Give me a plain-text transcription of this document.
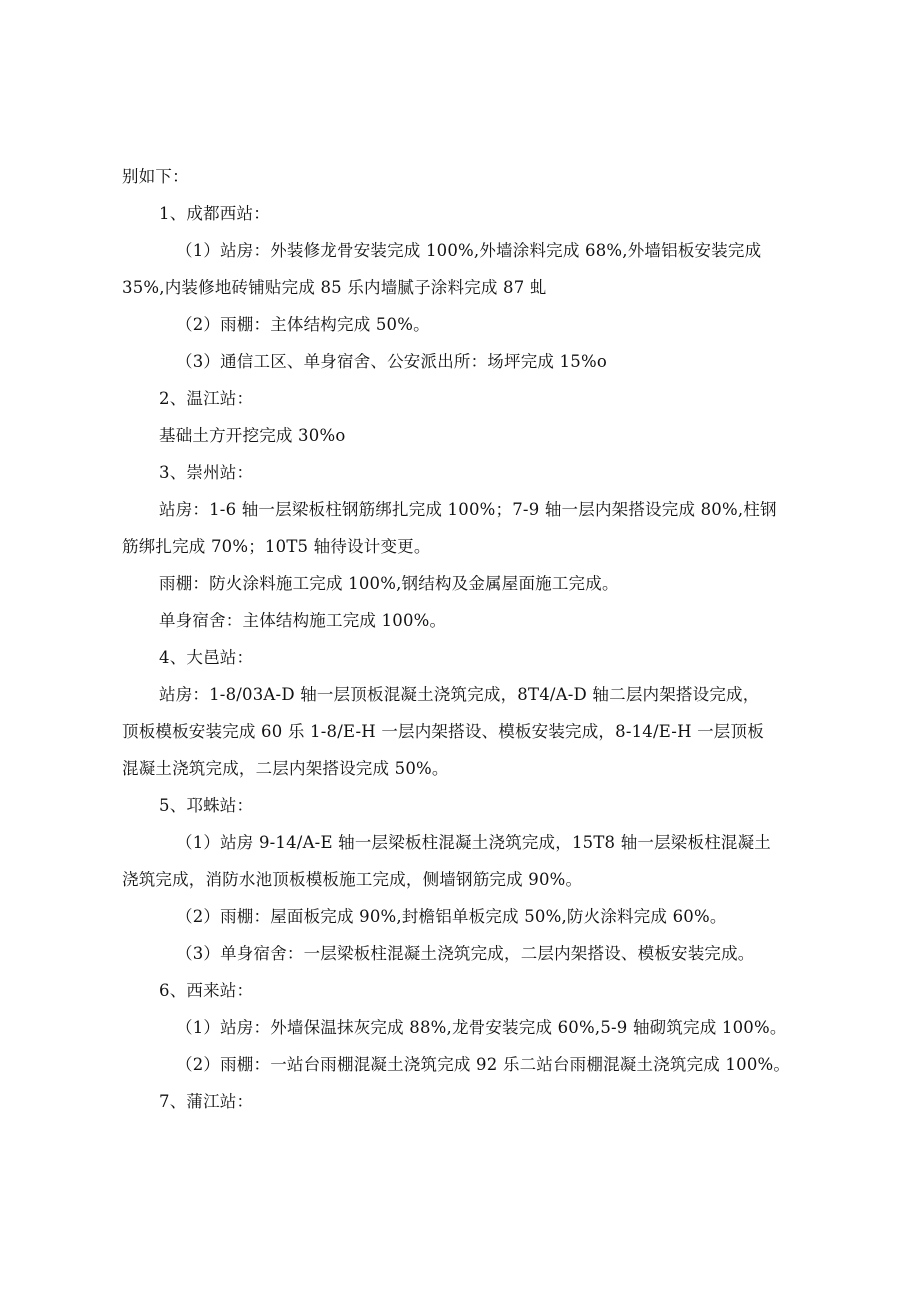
别如下：
1、成都西站：
（1）站房：外装修龙骨安装完成 100%,外墙涂料完成 68%,外墙铝板安装完成
35%,内装修地砖铺贴完成 85 乐内墙腻子涂料完成 87 虬
（2）雨棚：主体结构完成 50%。
（3）通信工区、单身宿舍、公安派出所：场坪完成 15%o
2、温江站：
基础土方开挖完成 30%o
3、崇州站：
站房：1-6 轴一层梁板柱钢筋绑扎完成 100%；7-9 轴一层内架搭设完成 80%,柱钢
筋绑扎完成 70%；10T5 轴待设计变更。
雨棚：防火涂料施工完成 100%,钢结构及金属屋面施工完成。
单身宿舍：主体结构施工完成 100%。
4、大邑站：
站房：1-8/03A-D 轴一层顶板混凝土浇筑完成，8T4/A-D 轴二层内架搭设完成，
顶板模板安装完成 60 乐 1-8/E-H 一层内架搭设、模板安装完成，8-14/E-H 一层顶板
混凝土浇筑完成，二层内架搭设完成 50%。
5、邛蛛站：
（1）站房 9-14/A-E 轴一层梁板柱混凝土浇筑完成，15T8 轴一层梁板柱混凝土
浇筑完成，消防水池顶板模板施工完成，侧墙钢筋完成 90%。
（2）雨棚：屋面板完成 90%,封檐铝单板完成 50%,防火涂料完成 60%。
（3）单身宿舍：一层梁板柱混凝土浇筑完成，二层内架搭设、模板安装完成。
6、西来站：
（1）站房：外墙保温抹灰完成 88%,龙骨安装完成 60%,5-9 轴砌筑完成 100%。
（2）雨棚：一站台雨棚混凝土浇筑完成 92 乐二站台雨棚混凝土浇筑完成 100%。
7、蒲江站：
